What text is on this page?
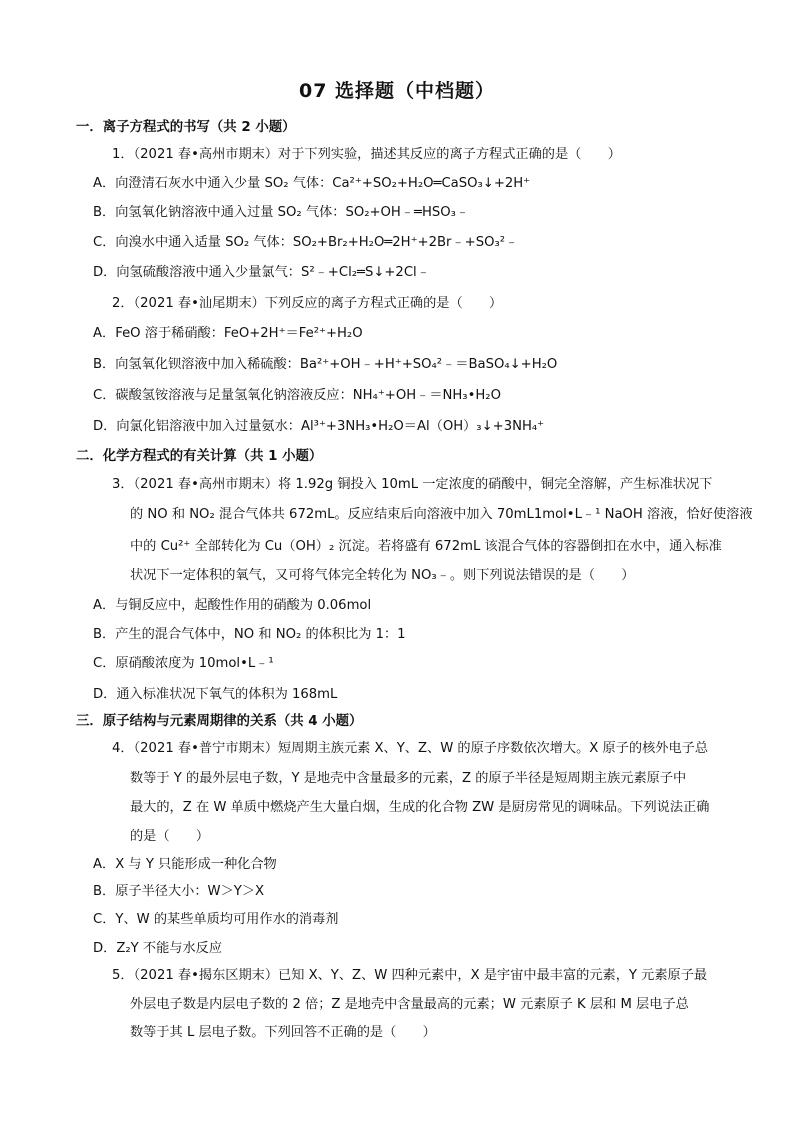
07 选择题（中档题）
一．离子方程式的书写（共 2 小题）
1．（2021 春•高州市期末）对于下列实验，描述其反应的离子方程式正确的是（　　）
A．向澄清石灰水中通入少量 SO₂ 气体：Ca²⁺+SO₂+H₂O═CaSO₃↓+2H⁺
B．向氢氧化钠溶液中通入过量 SO₂ 气体：SO₂+OH﹣═HSO₃﹣
C．向溴水中通入适量 SO₂ 气体：SO₂+Br₂+H₂O═2H⁺+2Br﹣+SO₃²﹣
D．向氢硫酸溶液中通入少量氯气：S²﹣+Cl₂═S↓+2Cl﹣
2．（2021 春•汕尾期末）下列反应的离子方程式正确的是（　　）
A．FeO 溶于稀硝酸：FeO+2H⁺＝Fe²⁺+H₂O
B．向氢氧化钡溶液中加入稀硫酸：Ba²⁺+OH﹣+H⁺+SO₄²﹣＝BaSO₄↓+H₂O
C．碳酸氢铵溶液与足量氢氧化钠溶液反应：NH₄⁺+OH﹣＝NH₃•H₂O
D．向氯化铝溶液中加入过量氨水：Al³⁺+3NH₃•H₂O＝Al（OH）₃↓+3NH₄⁺
二．化学方程式的有关计算（共 1 小题）
3．（2021 春•高州市期末）将 1.92g 铜投入 10mL 一定浓度的硝酸中，铜完全溶解，产生标准状况下
的 NO 和 NO₂ 混合气体共 672mL。反应结束后向溶液中加入 70mL1mol•L﹣¹ NaOH 溶液，恰好使溶液
中的 Cu²⁺ 全部转化为 Cu（OH）₂ 沉淀。若将盛有 672mL 该混合气体的容器倒扣在水中，通入标准
状况下一定体积的氧气，又可将气体完全转化为 NO₃﹣。则下列说法错误的是（　　）
A．与铜反应中，起酸性作用的硝酸为 0.06mol
B．产生的混合气体中，NO 和 NO₂ 的体积比为 1：1
C．原硝酸浓度为 10mol•L﹣¹
D．通入标准状况下氧气的体积为 168mL
三．原子结构与元素周期律的关系（共 4 小题）
4．（2021 春•普宁市期末）短周期主族元素 X、Y、Z、W 的原子序数依次增大。X 原子的核外电子总
数等于 Y 的最外层电子数，Y 是地壳中含量最多的元素，Z 的原子半径是短周期主族元素原子中
最大的，Z 在 W 单质中燃烧产生大量白烟，生成的化合物 ZW 是厨房常见的调味品。下列说法正确
的是（　　）
A．X 与 Y 只能形成一种化合物
B．原子半径大小：W＞Y＞X
C．Y、W 的某些单质均可用作水的消毒剂
D．Z₂Y 不能与水反应
5．（2021 春•揭东区期末）已知 X、Y、Z、W 四种元素中，X 是宇宙中最丰富的元素，Y 元素原子最
外层电子数是内层电子数的 2 倍；Z 是地壳中含量最高的元素；W 元素原子 K 层和 M 层电子总
数等于其 L 层电子数。下列回答不正确的是（　　）
